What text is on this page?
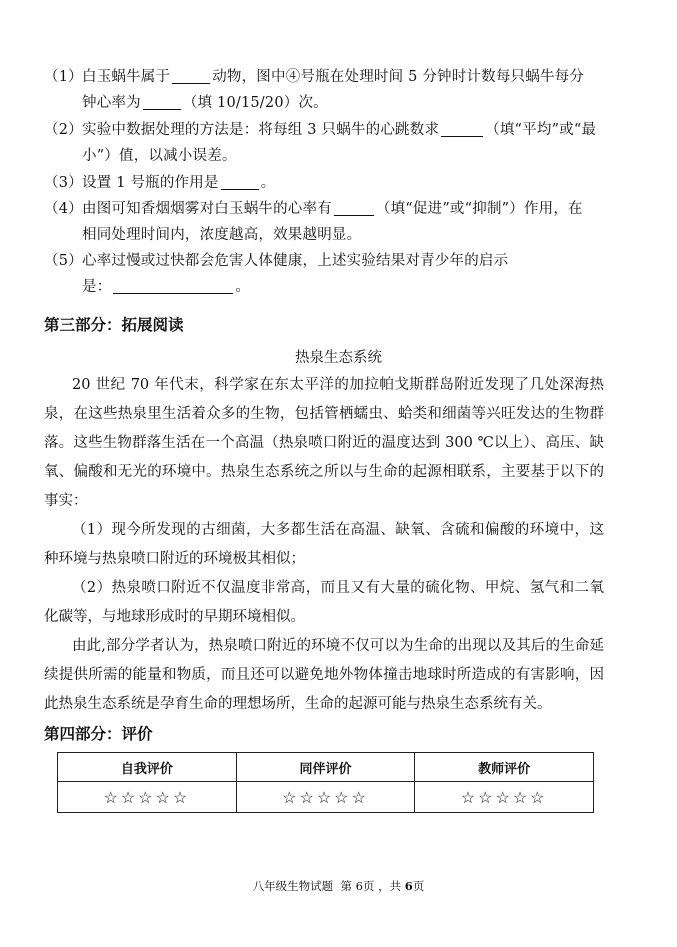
（1）白玉蜗牛属于	动物，图中④号瓶在处理时间 5 分钟时计数每只蜗牛每分
钟心率为	（填 10/15/20）次。
（2）实验中数据处理的方法是：将每组 3 只蜗牛的心跳数求	（填“平均”或“最
小”）值，以减小误差。
（3）设置 1 号瓶的作用是	。
（4）由图可知香烟烟雾对白玉蜗牛的心率有	（填“促进”或“抑制”）作用，在
相同处理时间内，浓度越高，效果越明显。
（5）心率过慢或过快都会危害人体健康，上述实验结果对青少年的启示
是：	。
第三部分：拓展阅读
热泉生态系统
20 世纪 70 年代末，科学家在东太平洋的加拉帕戈斯群岛附近发现了几处深海热
泉，在这些热泉里生活着众多的生物，包括管栖蠕虫、蛤类和细菌等兴旺发达的生物群
落。这些生物群落生活在一个高温（热泉喷口附近的温度达到 300 ℃以上）、高压、缺
氧、偏酸和无光的环境中。热泉生态系统之所以与生命的起源相联系，主要基于以下的
事实：
（1）现今所发现的古细菌，大多都生活在高温、缺氧、含硫和偏酸的环境中，这
种环境与热泉喷口附近的环境极其相似；
（2）热泉喷口附近不仅温度非常高，而且又有大量的硫化物、甲烷、氢气和二氧
化碳等，与地球形成时的早期环境相似。
由此,部分学者认为，热泉喷口附近的环境不仅可以为生命的出现以及其后的生命延
续提供所需的能量和物质，而且还可以避免地外物体撞击地球时所造成的有害影响，因
此热泉生态系统是孕育生命的理想场所，生命的起源可能与热泉生态系统有关。
第四部分：评价
自我评价	同伴评价	教师评价
☆☆☆☆☆	☆☆☆☆☆	☆☆☆☆☆
八年级生物试题 第 6页 ，共 6页
